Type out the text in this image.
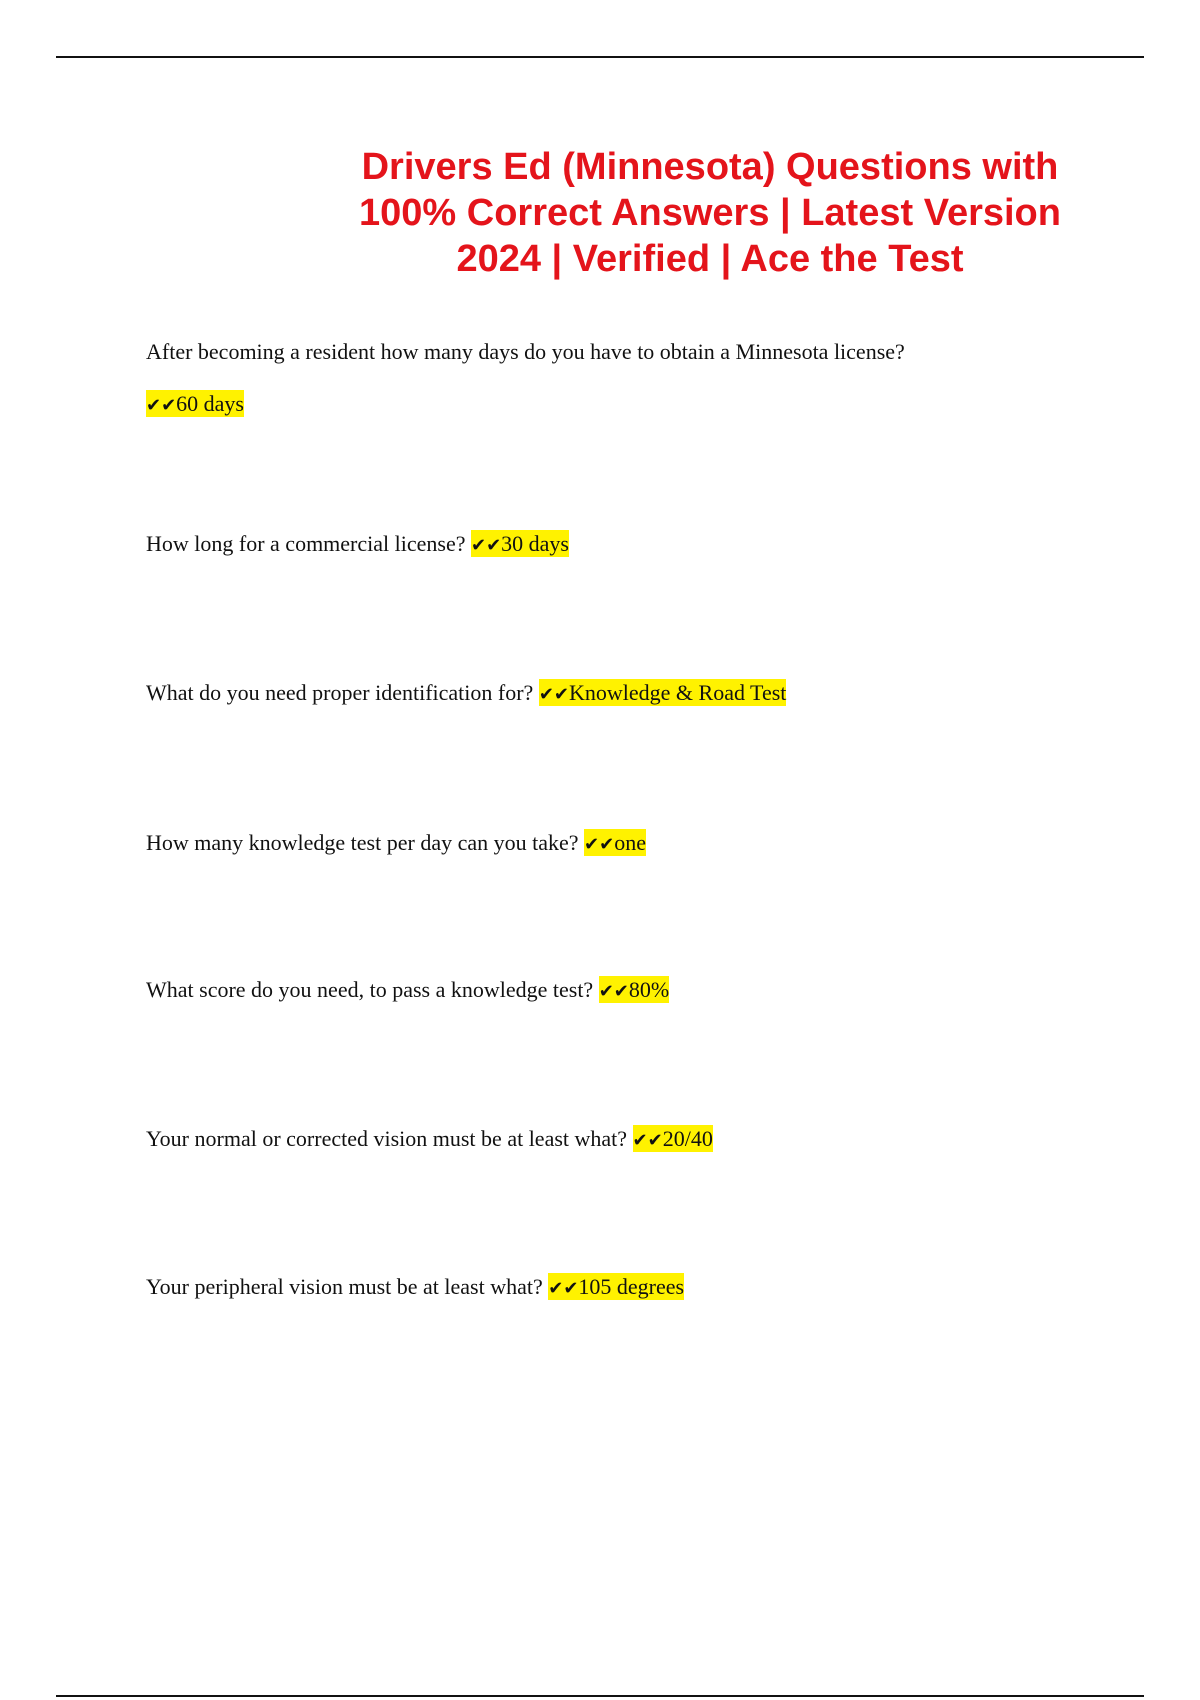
Drivers Ed (Minnesota) Questions with
100% Correct Answers | Latest Version
2024 | Verified | Ace the Test
After becoming a resident how many days do you have to obtain a Minnesota license?
✔✔60 days
How long for a commercial license? ✔✔30 days
What do you need proper identification for? ✔✔Knowledge & Road Test
How many knowledge test per day can you take? ✔✔one
What score do you need, to pass a knowledge test? ✔✔80%
Your normal or corrected vision must be at least what? ✔✔20/40
Your peripheral vision must be at least what? ✔✔105 degrees
